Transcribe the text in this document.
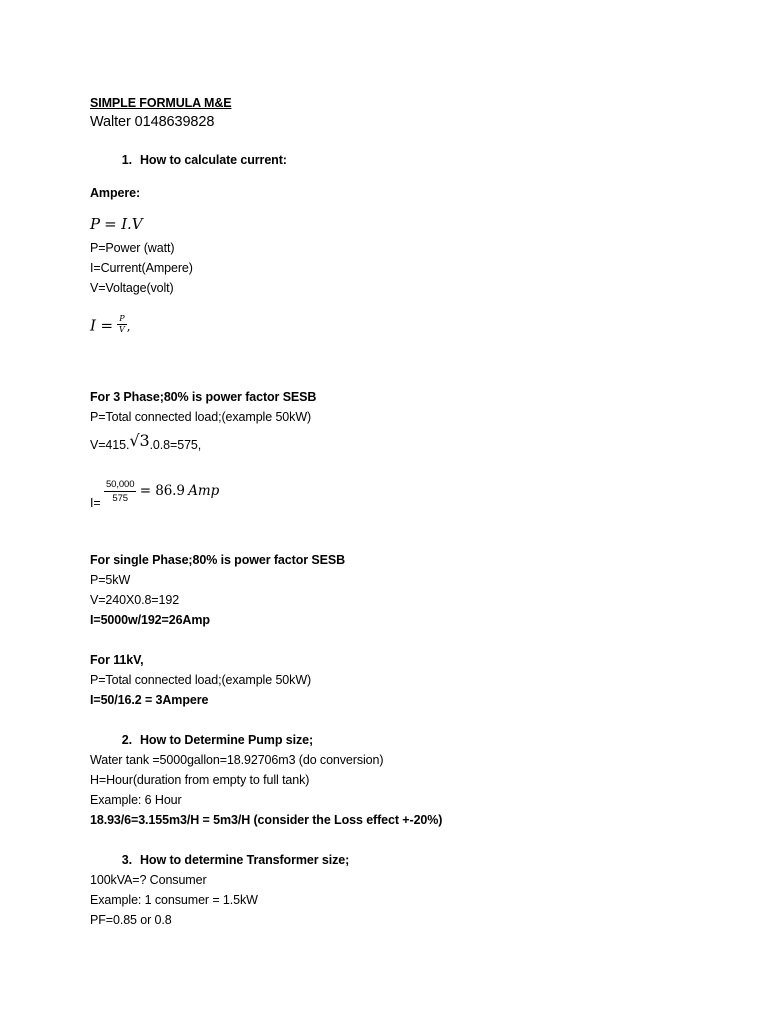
SIMPLE FORMULA M&E
Walter 0148639828
1. How to calculate current:
Ampere:
P = I.V
P=Power (watt)
I=Current(Ampere)
V=Voltage(volt)
$I = \frac{P}{V}$ ,
For 3 Phase;80% is power factor SESB
P=Total connected load;(example 50kW)
V=415.√3.0.8=575,
$I= \frac{50,000}{575} = 86.9$ Amp
For single Phase;80% is power factor SESB
P=5kW
V=240X0.8=192
I=5000w/192=26Amp
For 11kV,
P=Total connected load;(example 50kW)
I=50/16.2 = 3Ampere
2. How to Determine Pump size;
Water tank =5000gallon=18.92706m3 (do conversion)
H=Hour(duration from empty to full tank)
Example: 6 Hour
18.93/6=3.155m3/H = 5m3/H (consider the Loss effect +-20%)
3. How to determine Transformer size;
100kVA=? Consumer
Example: 1 consumer = 1.5kW
PF=0.85 or 0.8
